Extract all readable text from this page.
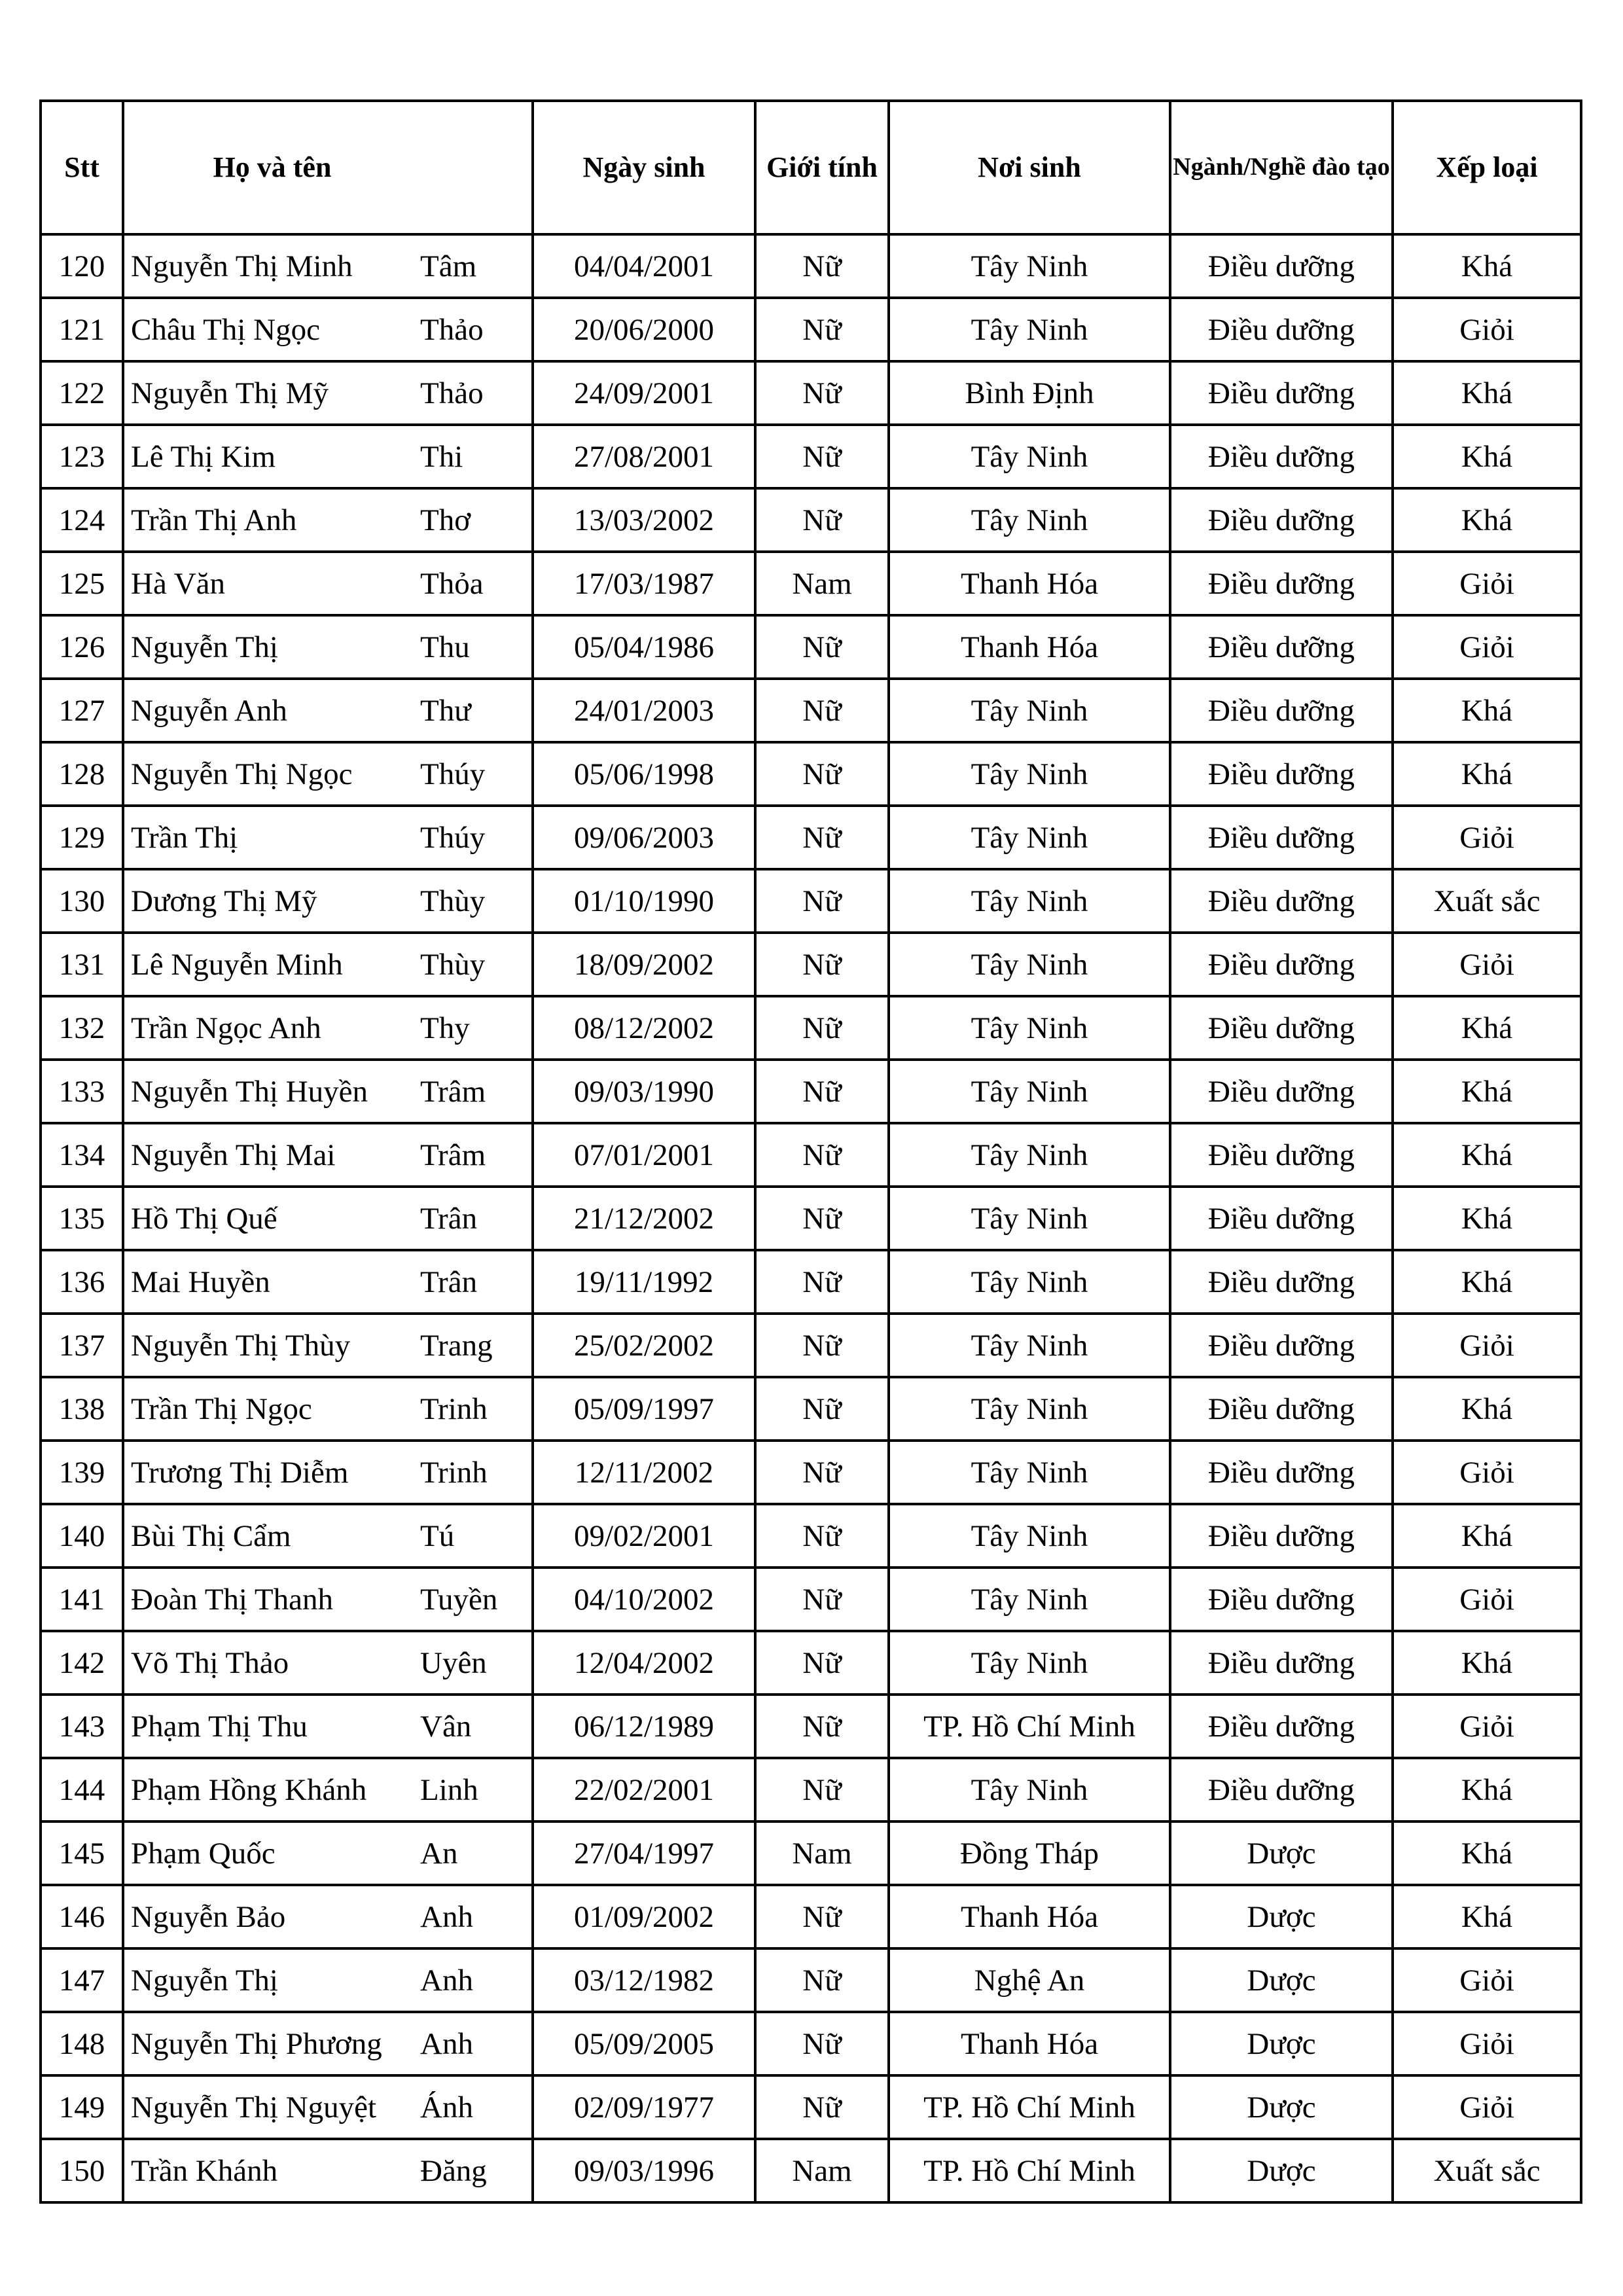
Stt	Họ và tên		Ngày sinh	Giới tính	Nơi sinh	Ngành/Nghề đào tạo	Xếp loại
120	Nguyễn Thị Minh	Tâm	04/04/2001	Nữ	Tây Ninh	Điều dưỡng	Khá
121	Châu Thị Ngọc	Thảo	20/06/2000	Nữ	Tây Ninh	Điều dưỡng	Giỏi
122	Nguyễn Thị Mỹ	Thảo	24/09/2001	Nữ	Bình Định	Điều dưỡng	Khá
123	Lê Thị Kim	Thi	27/08/2001	Nữ	Tây Ninh	Điều dưỡng	Khá
124	Trần Thị Anh	Thơ	13/03/2002	Nữ	Tây Ninh	Điều dưỡng	Khá
125	Hà Văn	Thỏa	17/03/1987	Nam	Thanh Hóa	Điều dưỡng	Giỏi
126	Nguyễn Thị	Thu	05/04/1986	Nữ	Thanh Hóa	Điều dưỡng	Giỏi
127	Nguyễn Anh	Thư	24/01/2003	Nữ	Tây Ninh	Điều dưỡng	Khá
128	Nguyễn Thị Ngọc	Thúy	05/06/1998	Nữ	Tây Ninh	Điều dưỡng	Khá
129	Trần Thị	Thúy	09/06/2003	Nữ	Tây Ninh	Điều dưỡng	Giỏi
130	Dương Thị Mỹ	Thùy	01/10/1990	Nữ	Tây Ninh	Điều dưỡng	Xuất sắc
131	Lê Nguyễn Minh	Thùy	18/09/2002	Nữ	Tây Ninh	Điều dưỡng	Giỏi
132	Trần Ngọc Anh	Thy	08/12/2002	Nữ	Tây Ninh	Điều dưỡng	Khá
133	Nguyễn Thị Huyền	Trâm	09/03/1990	Nữ	Tây Ninh	Điều dưỡng	Khá
134	Nguyễn Thị Mai	Trâm	07/01/2001	Nữ	Tây Ninh	Điều dưỡng	Khá
135	Hồ Thị Quế	Trân	21/12/2002	Nữ	Tây Ninh	Điều dưỡng	Khá
136	Mai Huyền	Trân	19/11/1992	Nữ	Tây Ninh	Điều dưỡng	Khá
137	Nguyễn Thị Thùy	Trang	25/02/2002	Nữ	Tây Ninh	Điều dưỡng	Giỏi
138	Trần Thị Ngọc	Trinh	05/09/1997	Nữ	Tây Ninh	Điều dưỡng	Khá
139	Trương Thị Diễm	Trinh	12/11/2002	Nữ	Tây Ninh	Điều dưỡng	Giỏi
140	Bùi Thị Cẩm	Tú	09/02/2001	Nữ	Tây Ninh	Điều dưỡng	Khá
141	Đoàn Thị Thanh	Tuyền	04/10/2002	Nữ	Tây Ninh	Điều dưỡng	Giỏi
142	Võ Thị Thảo	Uyên	12/04/2002	Nữ	Tây Ninh	Điều dưỡng	Khá
143	Phạm Thị Thu	Vân	06/12/1989	Nữ	TP. Hồ Chí Minh	Điều dưỡng	Giỏi
144	Phạm Hồng Khánh	Linh	22/02/2001	Nữ	Tây Ninh	Điều dưỡng	Khá
145	Phạm Quốc	An	27/04/1997	Nam	Đồng Tháp	Dược	Khá
146	Nguyễn Bảo	Anh	01/09/2002	Nữ	Thanh Hóa	Dược	Khá
147	Nguyễn Thị	Anh	03/12/1982	Nữ	Nghệ An	Dược	Giỏi
148	Nguyễn Thị Phương	Anh	05/09/2005	Nữ	Thanh Hóa	Dược	Giỏi
149	Nguyễn Thị Nguyệt	Ánh	02/09/1977	Nữ	TP. Hồ Chí Minh	Dược	Giỏi
150	Trần Khánh	Đăng	09/03/1996	Nam	TP. Hồ Chí Minh	Dược	Xuất sắc
